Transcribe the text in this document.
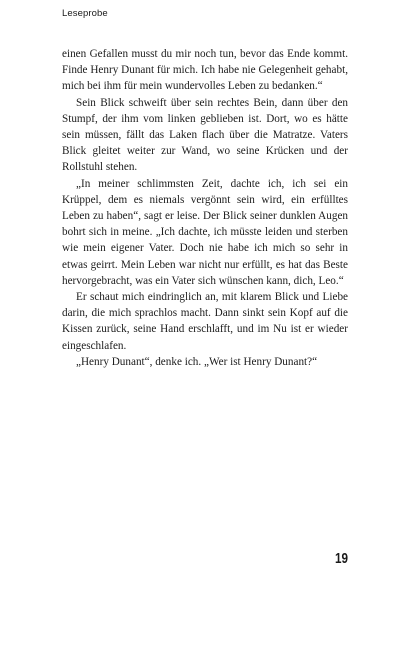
Leseprobe

einen Gefallen musst du mir noch tun, bevor das Ende kommt. Finde Henry Dunant für mich. Ich habe nie Gelegenheit gehabt, mich bei ihm für mein wundervolles Leben zu bedanken.“

Sein Blick schweift über sein rechtes Bein, dann über den Stumpf, der ihm vom linken geblieben ist. Dort, wo es hätte sein müssen, fällt das Laken flach über die Matratze. Vaters Blick gleitet weiter zur Wand, wo seine Krücken und der Rollstuhl stehen.

„In meiner schlimmsten Zeit, dachte ich, ich sei ein Krüppel, dem es niemals vergönnt sein wird, ein erfülltes Leben zu haben“, sagt er leise. Der Blick seiner dunklen Augen bohrt sich in meine. „Ich dachte, ich müsste leiden und sterben wie mein eigener Vater. Doch nie habe ich mich so sehr in etwas geirrt. Mein Leben war nicht nur erfüllt, es hat das Beste hervorgebracht, was ein Vater sich wünschen kann, dich, Leo.“

Er schaut mich eindringlich an, mit klarem Blick und Liebe darin, die mich sprachlos macht. Dann sinkt sein Kopf auf die Kissen zurück, seine Hand erschlafft, und im Nu ist er wieder eingeschlafen.

„Henry Dunant“, denke ich. „Wer ist Henry Dunant?“

19
